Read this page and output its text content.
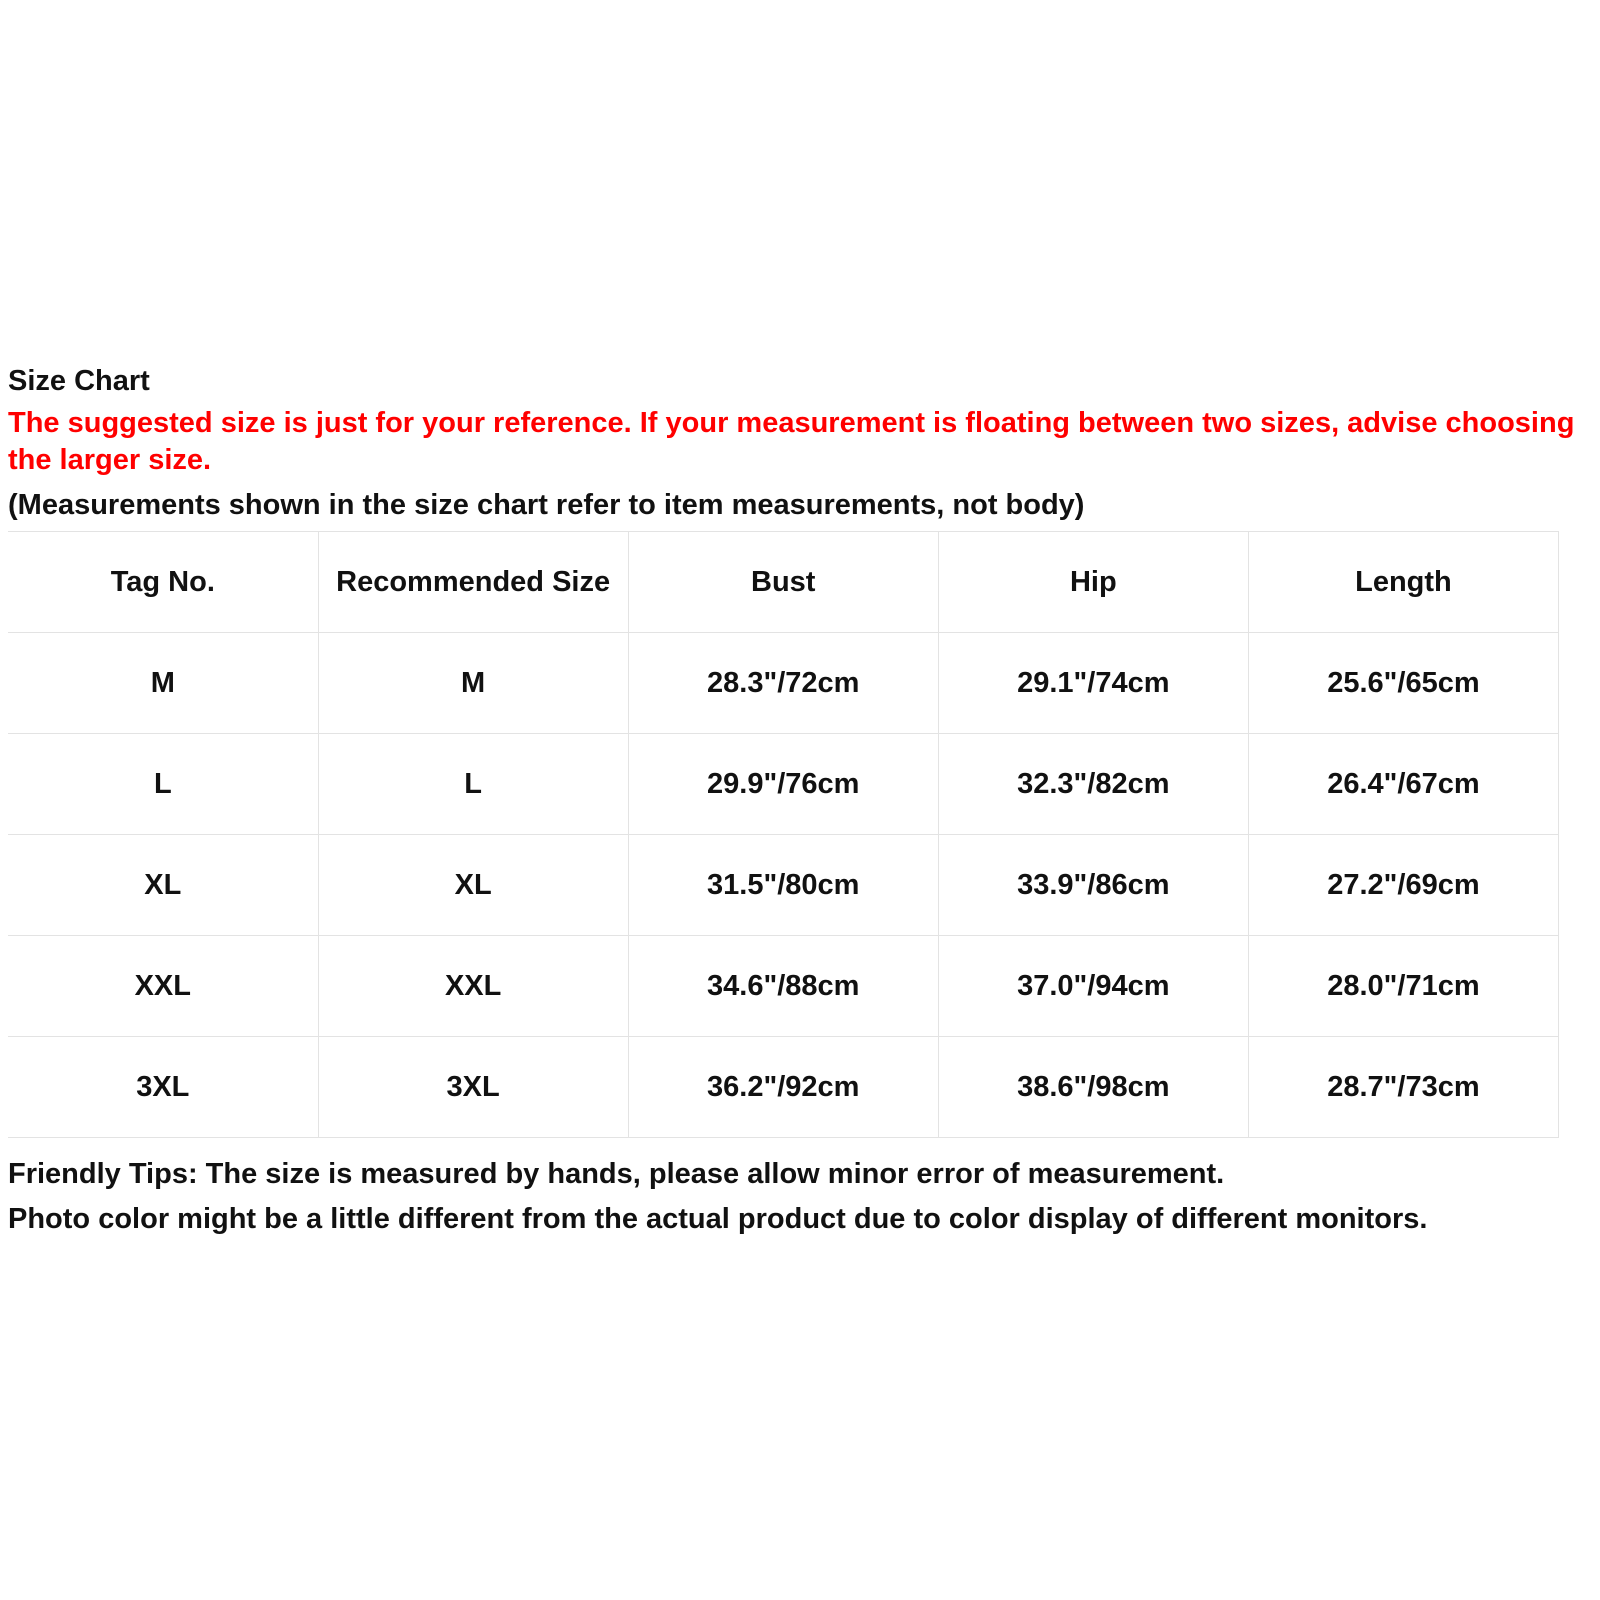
Size Chart

The suggested size is just for your reference. If your measurement is floating between two sizes, advise choosing the larger size.

(Measurements shown in the size chart refer to item measurements, not body)
Tag No.	Recommended Size	Bust	Hip	Length
M	M	28.3"/72cm	29.1"/74cm	25.6"/65cm
L	L	29.9"/76cm	32.3"/82cm	26.4"/67cm
XL	XL	31.5"/80cm	33.9"/86cm	27.2"/69cm
XXL	XXL	34.6"/88cm	37.0"/94cm	28.0"/71cm
3XL	3XL	36.2"/92cm	38.6"/98cm	28.7"/73cm

Friendly Tips: The size is measured by hands, please allow minor error of measurement.

Photo color might be a little different from the actual product due to color display of different monitors.
